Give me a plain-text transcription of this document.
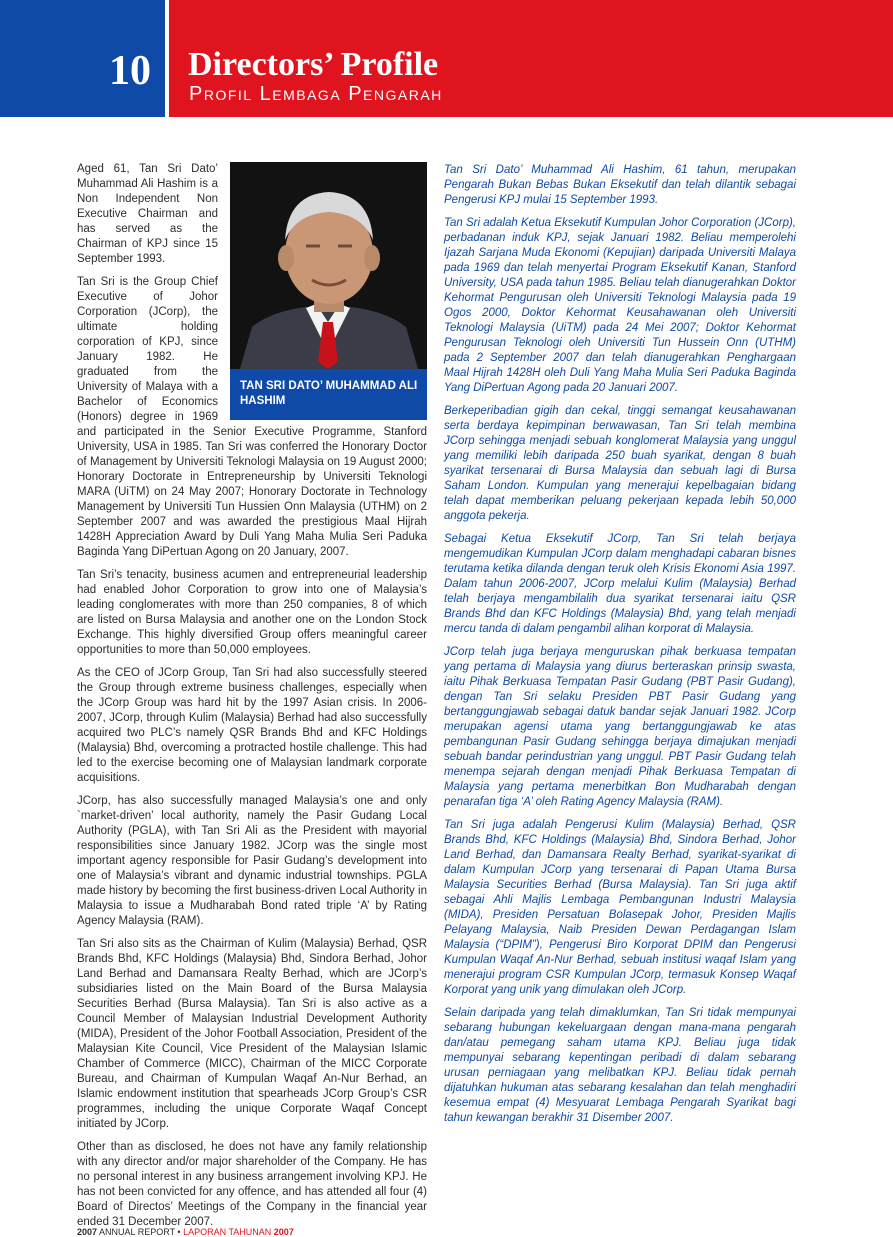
10	Directors’ Profile
Profil Lembaga Pengarah
TAN SRI DATO’ MUHAMMAD ALI HASHIM

Aged 61, Tan Sri Dato’ Muhammad Ali Hashim is a Non Independent Non Executive Chairman and has served as the Chairman of KPJ since 15 September 1993.

Tan Sri is the Group Chief Executive of Johor Corporation (JCorp), the ultimate holding corporation of KPJ, since January 1982. He graduated from the University of Malaya with a Bachelor of Economics (Honors) degree in 1969 and participated in the Senior Executive Programme, Stanford University, USA in 1985. Tan Sri was conferred the Honorary Doctor of Management by Universiti Teknologi Malaysia on 19 August 2000; Honorary Doctorate in Entrepreneurship by Universiti Teknologi MARA (UiTM) on 24 May 2007; Honorary Doctorate in Technology Management by Universiti Tun Hussien Onn Malaysia (UTHM) on 2 September 2007 and was awarded the prestigious Maal Hijrah 1428H Appreciation Award by Duli Yang Maha Mulia Seri Paduka Baginda Yang DiPertuan Agong on 20 January, 2007.

Tan Sri’s tenacity, business acumen and entrepreneurial leadership had enabled Johor Corporation to grow into one of Malaysia’s leading conglomerates with more than 250 companies, 8 of which are listed on Bursa Malaysia and another one on the London Stock Exchange. This highly diversified Group offers meaningful career opportunities to more than 50,000 employees.

As the CEO of JCorp Group, Tan Sri had also successfully steered the Group through extreme business challenges, especially when the JCorp Group was hard hit by the 1997 Asian crisis. In 2006-2007, JCorp, through Kulim (Malaysia) Berhad had also successfully acquired two PLC’s namely QSR Brands Bhd and KFC Holdings (Malaysia) Bhd, overcoming a protracted hostile challenge. This had led to the exercise becoming one of Malaysian landmark corporate acquisitions.

JCorp, has also successfully managed Malaysia’s one and only `market-driven’ local authority, namely the Pasir Gudang Local Authority (PGLA), with Tan Sri Ali as the President with mayorial responsibilities since January 1982. JCorp was the single most important agency responsible for Pasir Gudang’s development into one of Malaysia’s vibrant and dynamic industrial townships. PGLA made history by becoming the first business-driven Local Authority in Malaysia to issue a Mudharabah Bond rated triple ‘A’ by Rating Agency Malaysia (RAM).

Tan Sri also sits as the Chairman of Kulim (Malaysia) Berhad, QSR Brands Bhd, KFC Holdings (Malaysia) Bhd, Sindora Berhad, Johor Land Berhad and Damansara Realty Berhad, which are JCorp’s subsidiaries listed on the Main Board of the Bursa Malaysia Securities Berhad (Bursa Malaysia). Tan Sri is also active as a Council Member of Malaysian Industrial Development Authority (MIDA), President of the Johor Football Association, President of the Malaysian Kite Council, Vice President of the Malaysian Islamic Chamber of Commerce (MICC), Chairman of the MICC Corporate Bureau, and Chairman of Kumpulan Waqaf An-Nur Berhad, an Islamic endowment institution that spearheads JCorp Group’s CSR programmes, including the unique Corporate Waqaf Concept initiated by JCorp.

Other than as disclosed, he does not have any family relationship with any director and/or major shareholder of the Company. He has no personal interest in any business arrangement involving KPJ. He has not been convicted for any offence, and has attended all four (4) Board of Directos’ Meetings of the Company in the financial year ended 31 December 2007.

Tan Sri Dato’ Muhammad Ali Hashim, 61 tahun, merupakan Pengarah Bukan Bebas Bukan Eksekutif dan telah dilantik sebagai Pengerusi KPJ mulai 15 September 1993.

Tan Sri adalah Ketua Eksekutif Kumpulan Johor Corporation (JCorp), perbadanan induk KPJ, sejak Januari 1982. Beliau memperolehi Ijazah Sarjana Muda Ekonomi (Kepujian) daripada Universiti Malaya pada 1969 dan telah menyertai Program Eksekutif Kanan, Stanford University, USA pada tahun 1985. Beliau telah dianugerahkan Doktor Kehormat Pengurusan oleh Universiti Teknologi Malaysia pada 19 Ogos 2000, Doktor Kehormat Keusahawanan oleh Universiti Teknologi Malaysia (UiTM) pada 24 Mei 2007; Doktor Kehormat Pengurusan Teknologi oleh Universiti Tun Hussein Onn (UTHM) pada 2 September 2007 dan telah dianugerahkan Penghargaan Maal Hijrah 1428H oleh Duli Yang Maha Mulia Seri Paduka Baginda Yang DiPertuan Agong pada 20 Januari 2007.

Berkeperibadian gigih dan cekal, tinggi semangat keusahawanan serta berdaya kepimpinan berwawasan, Tan Sri telah membina JCorp sehingga menjadi sebuah konglomerat Malaysia yang unggul yang memiliki lebih daripada 250 buah syarikat, dengan 8 buah syarikat tersenarai di Bursa Malaysia dan sebuah lagi di Bursa Saham London. Kumpulan yang menerajui kepelbagaian bidang telah dapat memberikan peluang pekerjaan kepada lebih 50,000 anggota pekerja.

Sebagai Ketua Eksekutif JCorp, Tan Sri telah berjaya mengemudikan Kumpulan JCorp dalam menghadapi cabaran bisnes terutama ketika dilanda dengan teruk oleh Krisis Ekonomi Asia 1997. Dalam tahun 2006-2007, JCorp melalui Kulim (Malaysia) Berhad telah berjaya mengambilalih dua syarikat tersenarai iaitu QSR Brands Bhd dan KFC Holdings (Malaysia) Bhd, yang telah menjadi mercu tanda di dalam pengambil alihan korporat di Malaysia.

JCorp telah juga berjaya menguruskan pihak berkuasa tempatan yang pertama di Malaysia yang diurus berteraskan prinsip swasta, iaitu Pihak Berkuasa Tempatan Pasir Gudang (PBT Pasir Gudang), dengan Tan Sri selaku Presiden PBT Pasir Gudang yang bertanggungjawab sebagai datuk bandar sejak Januari 1982. JCorp merupakan agensi utama yang bertanggungjawab ke atas pembangunan Pasir Gudang sehingga berjaya dimajukan menjadi sebuah bandar perindustrian yang unggul. PBT Pasir Gudang telah menempa sejarah dengan menjadi Pihak Berkuasa Tempatan di Malaysia yang pertama menerbitkan Bon Mudharabah dengan penarafan tiga ‘A’ oleh Rating Agency Malaysia (RAM).

Tan Sri juga adalah Pengerusi Kulim (Malaysia) Berhad, QSR Brands Bhd, KFC Holdings (Malaysia) Bhd, Sindora Berhad, Johor Land Berhad, dan Damansara Realty Berhad, syarikat-syarikat di dalam Kumpulan JCorp yang tersenarai di Papan Utama Bursa Malaysia Securities Berhad (Bursa Malaysia). Tan Sri juga aktif sebagai Ahli Majlis Lembaga Pembangunan Industri Malaysia (MIDA), Presiden Persatuan Bolasepak Johor, Presiden Majlis Pelayang Malaysia, Naib Presiden Dewan Perdagangan Islam Malaysia (“DPIM”), Pengerusi Biro Korporat DPIM dan Pengerusi Kumpulan Waqaf An-Nur Berhad, sebuah institusi waqaf Islam yang menerajui program CSR Kumpulan JCorp, termasuk Konsep Waqaf Korporat yang unik yang dimulakan oleh JCorp.

Selain daripada yang telah dimaklumkan, Tan Sri tidak mempunyai sebarang hubungan kekeluargaan dengan mana-mana pengarah dan/atau pemegang saham utama KPJ. Beliau juga tidak mempunyai sebarang kepentingan peribadi di dalam sebarang urusan perniagaan yang melibatkan KPJ. Beliau tidak pernah dijatuhkan hukuman atas sebarang kesalahan dan telah menghadiri kesemua empat (4) Mesyuarat Lembaga Pengarah Syarikat bagi tahun kewangan berakhir 31 Disember 2007.

2007 ANNUAL REPORT • LAPORAN TAHUNAN 2007
